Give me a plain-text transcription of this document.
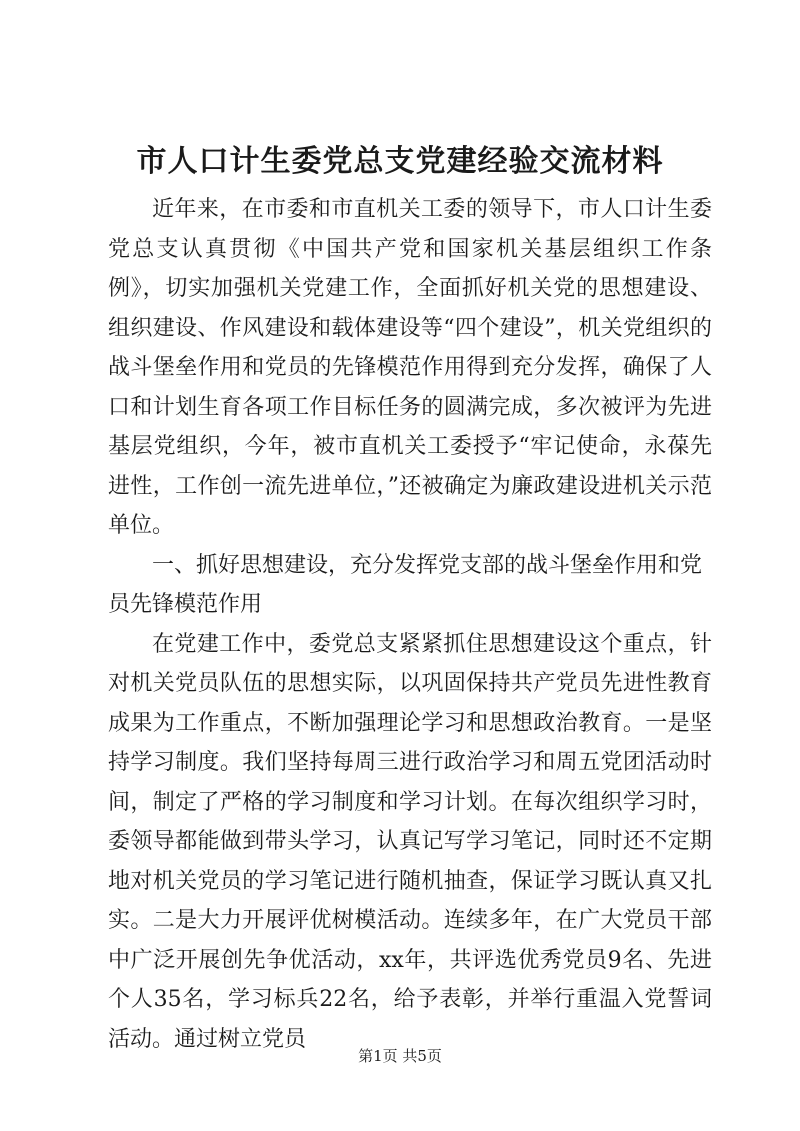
市人口计生委党总支党建经验交流材料

近年来，在市委和市直机关工委的领导下，市人口计生委党总支认真贯彻《中国共产党和国家机关基层组织工作条例》，切实加强机关党建工作，全面抓好机关党的思想建设、组织建设、作风建设和载体建设等“四个建设”，机关党组织的战斗堡垒作用和党员的先锋模范作用得到充分发挥，确保了人口和计划生育各项工作目标任务的圆满完成，多次被评为先进基层党组织，今年，被市直机关工委授予“牢记使命，永葆先进性，工作创一流先进单位，”还被确定为廉政建设进机关示范单位。

一、抓好思想建设，充分发挥党支部的战斗堡垒作用和党员先锋模范作用

在党建工作中，委党总支紧紧抓住思想建设这个重点，针对机关党员队伍的思想实际，以巩固保持共产党员先进性教育成果为工作重点，不断加强理论学习和思想政治教育。一是坚持学习制度。我们坚持每周三进行政治学习和周五党团活动时间，制定了严格的学习制度和学习计划。在每次组织学习时，委领导都能做到带头学习，认真记写学习笔记，同时还不定期地对机关党员的学习笔记进行随机抽查，保证学习既认真又扎实。二是大力开展评优树模活动。连续多年，在广大党员干部中广泛开展创先争优活动，xx年，共评选优秀党员9名、先进个人35名，学习标兵22名，给予表彰，并举行重温入党誓词活动。通过树立党员

第1页 共5页
